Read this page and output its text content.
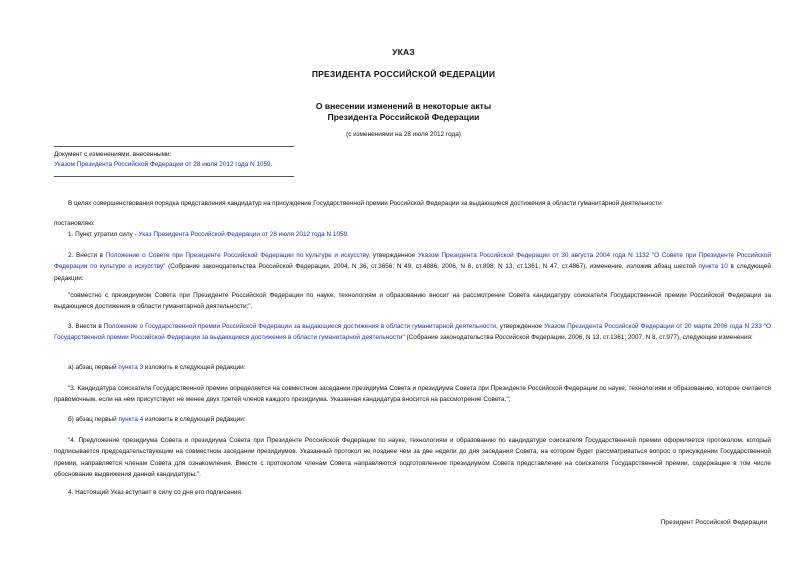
УКАЗ
ПРЕЗИДЕНТА РОССИЙСКОЙ ФЕДЕРАЦИИ
О внесении изменений в некоторые акты
Президента Российской Федерации
(с изменениями на 28 июля 2012 года)
Документ с изменениями, внесенными:
Указом Президента Российской Федерации от 28 июля 2012 года N 1059.
В целях совершенствования порядка представления кандидатур на присуждение Государственной премии Российской Федерации за выдающиеся достижения в области гуманитарной деятельности
постановляю:
1. Пункт утратил силу - Указ Президента Российской Федерации от 28 июля 2012 года N 1059.
2. Внести в Положение о Совете при Президенте Российской Федерации по культуре и искусству, утвержденное Указом Президента Российской Федерации от 30 августа 2004 года N 1132 "О Совете при Президенте Российской Федерации по культуре и искусству" (Собрание законодательства Российской Федерации, 2004, N 36, ст.3656; N 49, ст.4886; 2006, N 8, ст.898; N 13, ст.1361; N 47, ст.4867), изменение, изложив абзац шестой пункта 10 в следующей редакции:
"совместно с президиумом Совета при Президенте Российской Федерации по науке, технологиям и образованию вносит на рассмотрение Совета кандидатуру соискателя Государственной премии Российской Федерации за выдающиеся достижения в области гуманитарной деятельности;".
3. Внести в Положение о Государственной премии Российской Федерации за выдающиеся достижения в области гуманитарной деятельности, утвержденное Указом Президента Российской Федерации от 20 марта 2006 года N 233 "О Государственной премии Российской Федерации за выдающиеся достижения в области гуманитарной деятельности" (Собрание законодательства Российской Федерации, 2006, N 13, ст.1361; 2007, N 8, ст.977), следующие изменения:
а) абзац первый пункта 3 изложить в следующей редакции:
"3. Кандидатура соискателя Государственной премии определяется на совместном заседании президиума Совета и президиума Совета при Президенте Российской Федерации по науке, технологиям и образованию, которое считается правомочным, если на нем присутствует не менее двух третей членов каждого президиума. Указанная кандидатура вносится на рассмотрение Совета.";
б) абзац первый пункта 4 изложить в следующей редакции:
"4. Предложение президиума Совета и президиума Совета при Президенте Российской Федерации по науке, технологиям и образованию по кандидатуре соискателя Государственной премии оформляется протоколом, который подписывается председательствующим на совместном заседании президиумов. Указанный протокол не позднее чем за две недели до дня заседания Совета, на котором будет рассматриваться вопрос о присуждении Государственной премии, направляется членам Совета для ознакомления. Вместе с протоколом членам Совета направляются подготовленное президиумом Совета представление на соискателя Государственной премии, содержащее в том числе обоснование выдвижения данной кандидатуры.".
4. Настоящий Указ вступает в силу со дня его подписания.
Президент Российской Федерации
